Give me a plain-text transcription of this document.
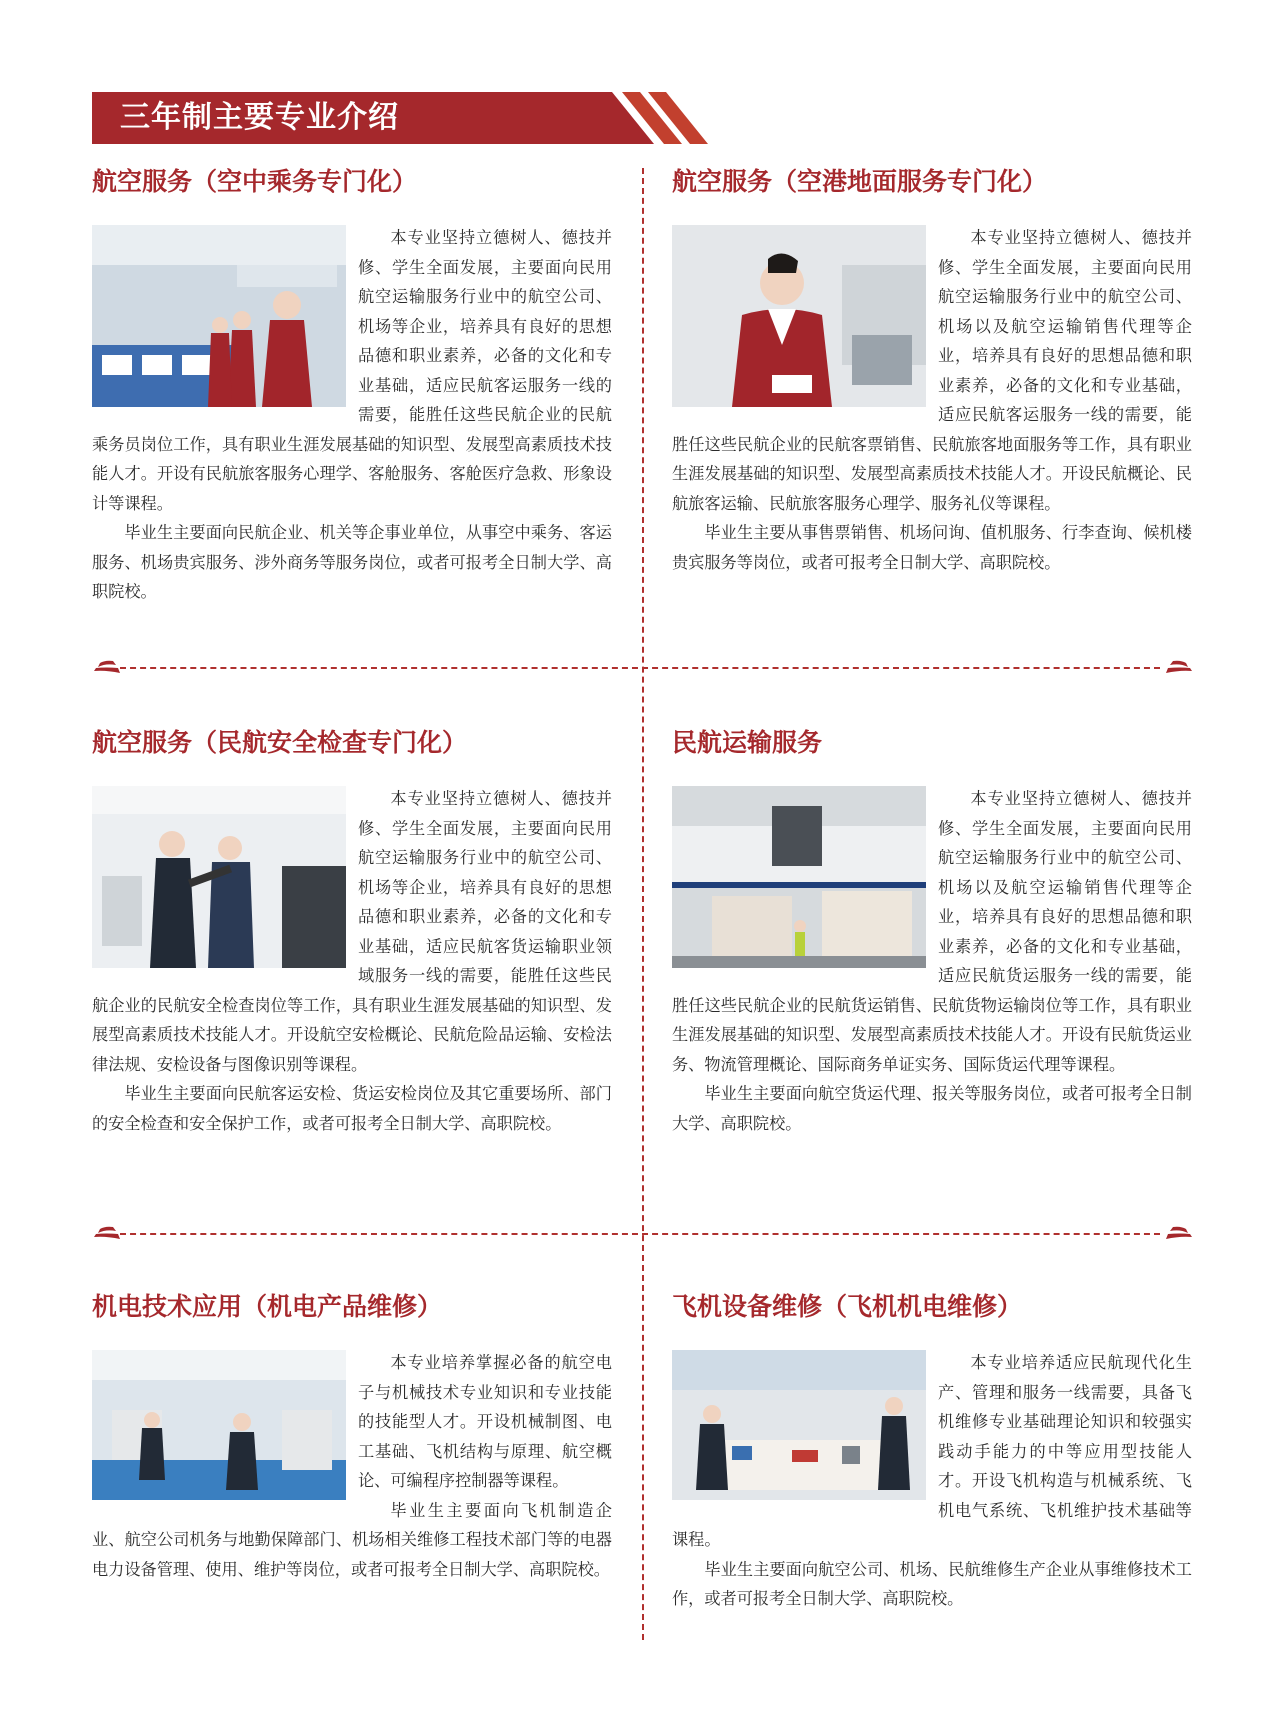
三年制主要专业介绍
航空服务（空中乘务专门化）

本专业坚持立德树人、德技并修、学生全面发展，主要面向民用航空运输服务行业中的航空公司、机场等企业，培养具有良好的思想品德和职业素养，必备的文化和专业基础，适应民航客运服务一线的需要，能胜任这些民航企业的民航乘务员岗位工作，具有职业生涯发展基础的知识型、发展型高素质技术技能人才。开设有民航旅客服务心理学、客舱服务、客舱医疗急救、形象设计等课程。

毕业生主要面向民航企业、机关等企事业单位，从事空中乘务、客运服务、机场贵宾服务、涉外商务等服务岗位，或者可报考全日制大学、高职院校。

航空服务（空港地面服务专门化）

本专业坚持立德树人、德技并修、学生全面发展，主要面向民用航空运输服务行业中的航空公司、机场以及航空运输销售代理等企业，培养具有良好的思想品德和职业素养，必备的文化和专业基础，适应民航客运服务一线的需要，能胜任这些民航企业的民航客票销售、民航旅客地面服务等工作，具有职业生涯发展基础的知识型、发展型高素质技术技能人才。开设民航概论、民航旅客运输、民航旅客服务心理学、服务礼仪等课程。

毕业生主要从事售票销售、机场问询、值机服务、行李查询、候机楼贵宾服务等岗位，或者可报考全日制大学、高职院校。

航空服务（民航安全检查专门化）

本专业坚持立德树人、德技并修、学生全面发展，主要面向民用航空运输服务行业中的航空公司、机场等企业，培养具有良好的思想品德和职业素养，必备的文化和专业基础，适应民航客货运输职业领域服务一线的需要，能胜任这些民航企业的民航安全检查岗位等工作，具有职业生涯发展基础的知识型、发展型高素质技术技能人才。开设航空安检概论、民航危险品运输、安检法律法规、安检设备与图像识别等课程。

毕业生主要面向民航客运安检、货运安检岗位及其它重要场所、部门的安全检查和安全保护工作，或者可报考全日制大学、高职院校。

民航运输服务

本专业坚持立德树人、德技并修、学生全面发展，主要面向民用航空运输服务行业中的航空公司、机场以及航空运输销售代理等企业，培养具有良好的思想品德和职业素养，必备的文化和专业基础，适应民航货运服务一线的需要，能胜任这些民航企业的民航货运销售、民航货物运输岗位等工作，具有职业生涯发展基础的知识型、发展型高素质技术技能人才。开设有民航货运业务、物流管理概论、国际商务单证实务、国际货运代理等课程。

毕业生主要面向航空货运代理、报关等服务岗位，或者可报考全日制大学、高职院校。

机电技术应用（机电产品维修）

本专业培养掌握必备的航空电子与机械技术专业知识和专业技能的技能型人才。开设机械制图、电工基础、飞机结构与原理、航空概论、可编程序控制器等课程。

毕业生主要面向飞机制造企业、航空公司机务与地勤保障部门、机场相关维修工程技术部门等的电器电力设备管理、使用、维护等岗位，或者可报考全日制大学、高职院校。

飞机设备维修（飞机机电维修）

本专业培养适应民航现代化生产、管理和服务一线需要，具备飞机维修专业基础理论知识和较强实践动手能力的中等应用型技能人才。开设飞机构造与机械系统、飞机电气系统、飞机维护技术基础等课程。

毕业生主要面向航空公司、机场、民航维修生产企业从事维修技术工作，或者可报考全日制大学、高职院校。
